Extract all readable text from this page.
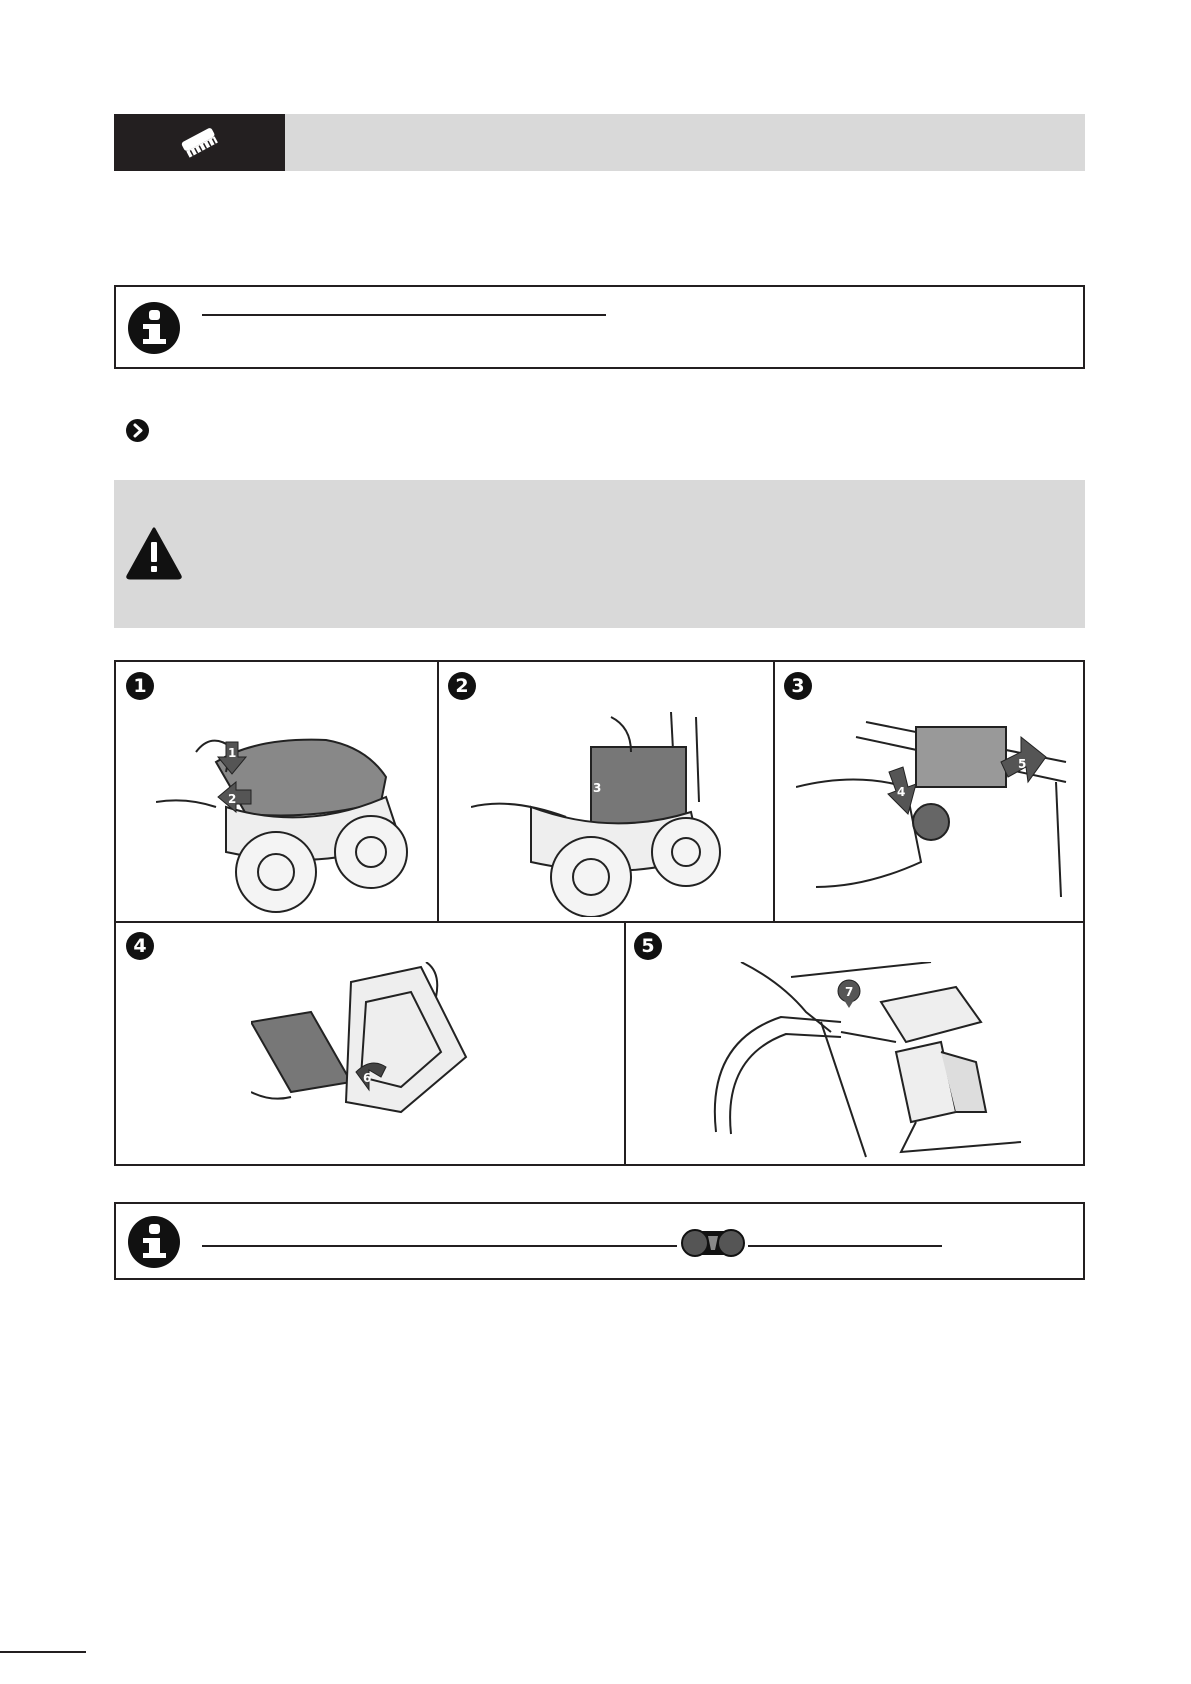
1
1
2
2
3
3
4
5
4
6
5
7
